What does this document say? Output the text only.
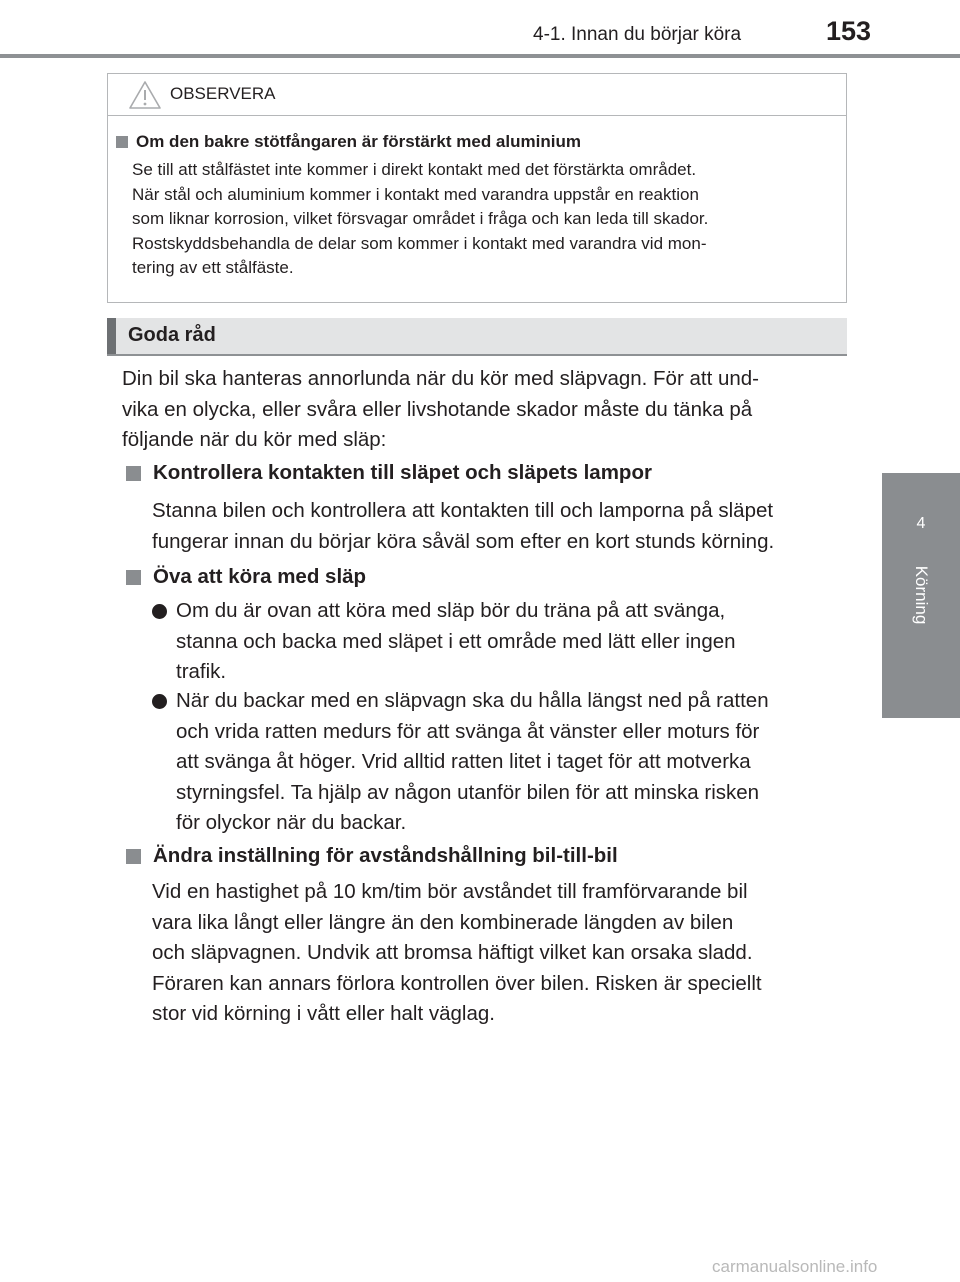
4-1. Innan du börjar köra	153
4
Körning
OBSERVERA
Om den bakre stötfångaren är förstärkt med aluminium

Se till att stålfästet inte kommer i direkt kontakt med det förstärkta området.
När stål och aluminium kommer i kontakt med varandra uppstår en reaktion
som liknar korrosion, vilket försvagar området i fråga och kan leda till skador.
Rostskyddsbehandla de delar som kommer i kontakt med varandra vid mon-
tering av ett stålfäste.

Goda råd

Din bil ska hanteras annorlunda när du kör med släpvagn. För att und-
vika en olycka, eller svåra eller livshotande skador måste du tänka på
följande när du kör med släp:

Kontrollera kontakten till släpet och släpets lampor

Stanna bilen och kontrollera att kontakten till och lamporna på släpet
fungerar innan du börjar köra såväl som efter en kort stunds körning.

Öva att köra med släp

Om du är ovan att köra med släp bör du träna på att svänga,
stanna och backa med släpet i ett område med lätt eller ingen
trafik.

När du backar med en släpvagn ska du hålla längst ned på ratten
och vrida ratten medurs för att svänga åt vänster eller moturs för
att svänga åt höger. Vrid alltid ratten litet i taget för att motverka
styrningsfel. Ta hjälp av någon utanför bilen för att minska risken
för olyckor när du backar.

Ändra inställning för avståndshållning bil-till-bil

Vid en hastighet på 10 km/tim bör avståndet till framförvarande bil
vara lika långt eller längre än den kombinerade längden av bilen
och släpvagnen. Undvik att bromsa häftigt vilket kan orsaka sladd.
Föraren kan annars förlora kontrollen över bilen. Risken är speciellt
stor vid körning i vått eller halt väglag.

carmanualsonline.info
